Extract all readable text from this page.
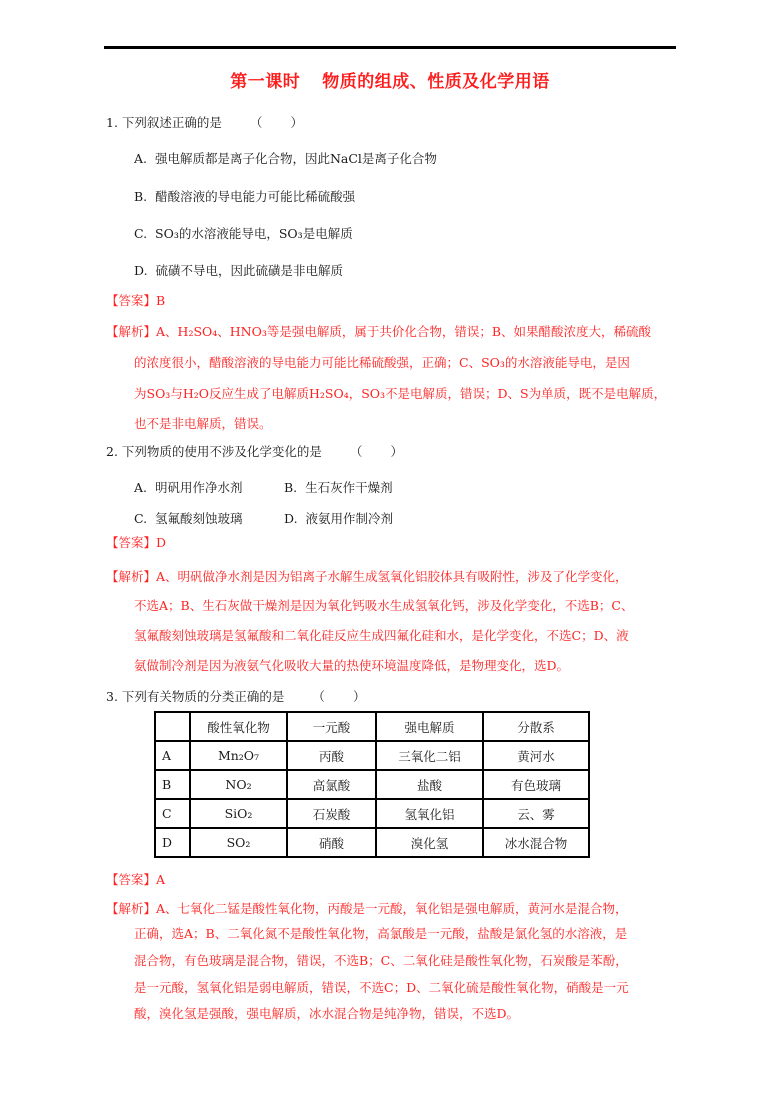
第一课时 物质的组成、性质及化学用语
1. 下列叙述正确的是 （ ）
A. 强电解质都是离子化合物，因此NaCl是离子化合物
B. 醋酸溶液的导电能力可能比稀硫酸强
C. SO₃的水溶液能导电，SO₃是电解质
D. 硫磺不导电，因此硫磺是非电解质
【答案】B
【解析】A、H₂SO₄、HNO₃等是强电解质，属于共价化合物，错误；B、如果醋酸浓度大，稀硫酸
的浓度很小，醋酸溶液的导电能力可能比稀硫酸强，正确；C、SO₃的水溶液能导电，是因
为SO₃与H₂O反应生成了电解质H₂SO₄，SO₃不是电解质，错误；D、S为单质，既不是电解质，
也不是非电解质，错误。
2. 下列物质的使用不涉及化学变化的是 （ ）
A. 明矾用作净水剂	B. 生石灰作干燥剂
C. 氢氟酸刻蚀玻璃	D. 液氨用作制冷剂
【答案】D
【解析】A、明矾做净水剂是因为铝离子水解生成氢氧化铝胶体具有吸附性，涉及了化学变化，
不选A；B、生石灰做干燥剂是因为氧化钙吸水生成氢氧化钙，涉及化学变化，不选B；C、
氢氟酸刻蚀玻璃是氢氟酸和二氧化硅反应生成四氟化硅和水，是化学变化，不选C；D、液
氨做制冷剂是因为液氨气化吸收大量的热使环境温度降低，是物理变化，选D。
3. 下列有关物质的分类正确的是 （ ）
	酸性氧化物	一元酸	强电解质	分散系
A	Mn₂O₇	丙酸	三氧化二铝	黄河水
B	NO₂	高氯酸	盐酸	有色玻璃
C	SiO₂	石炭酸	氢氧化铝	云、雾
D	SO₂	硝酸	溴化氢	冰水混合物
【答案】A
【解析】A、七氧化二锰是酸性氧化物，丙酸是一元酸，氧化铝是强电解质，黄河水是混合物，
正确，选A；B、二氧化氮不是酸性氧化物，高氯酸是一元酸，盐酸是氯化氢的水溶液，是
混合物，有色玻璃是混合物，错误，不选B；C、二氧化硅是酸性氧化物，石炭酸是苯酚，
是一元酸，氢氧化铝是弱电解质，错误，不选C；D、二氧化硫是酸性氧化物，硝酸是一元
酸，溴化氢是强酸，强电解质，冰水混合物是纯净物，错误，不选D。
